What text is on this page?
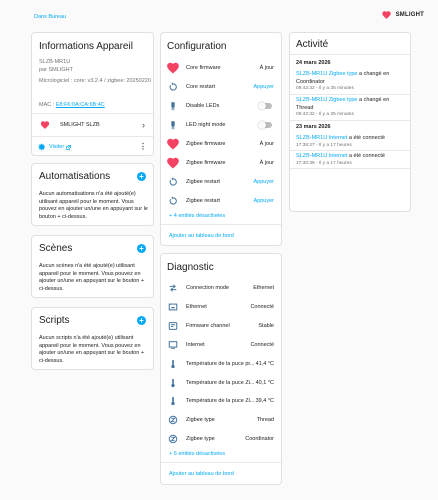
Dans Bureau	SMLIGHT
Informations Appareil
SLZB-MR1U
par SMLIGHT
Micrologiciel : core: v3.2.4 / zigbee: 20250220
MAC : E8:F6:0A:CA:6B:4C
SMLIGHT SLZB	›
Visiter	⋮
Automatisations	+
Aucun automatisations n'a été ajouté(e) utilisant appareil pour le moment. Vous pouvez en ajouter un/une en appuyant sur le bouton + ci-dessus.
Scènes	+
Aucun scènes n'a été ajouté(e) utilisant appareil pour le moment. Vous pouvez en ajouter un/une en appuyant sur le bouton + ci-dessus.
Scripts	+
Aucun scripts n'a été ajouté(e) utilisant appareil pour le moment. Vous pouvez en ajouter un/une en appuyant sur le bouton + ci-dessus.
Configuration
Core firmware	À jour
Core restart	Appuyer
Disable LEDs
LED night mode
Zigbee firmware	À jour
Zigbee firmware	À jour
Zigbee restart	Appuyer
Zigbee restart	Appuyer
+ 4 entités désactivées
Ajouter au tableau de bord
Diagnostic
Connection mode	Ethernet
Ethernet	Connecté
Firmware channel	Stable
Internet	Connecté
Température de la puce pr... 41,4 °C
Température de la puce Zi... 40,1 °C
Température de la puce Zi... 39,4 °C
Zigbee type	Thread
Zigbee type	Coordinator
+ 6 entités désactivées
Ajouter au tableau de bord
Activité
24 mars 2026
SLZB-MR1U Zigbee type a changé en Coordinator
09:42:32 - Il y a 35 minutes
SLZB-MR1U Zigbee type a changé en Thread
09:42:32 - Il y a 35 minutes
23 mars 2026
SLZB-MR1U Internet a été connecté
17:38:27 - Il y a 17 heures
SLZB-MR1U Internet a été connecté
17:30:38 - Il y a 17 heures
